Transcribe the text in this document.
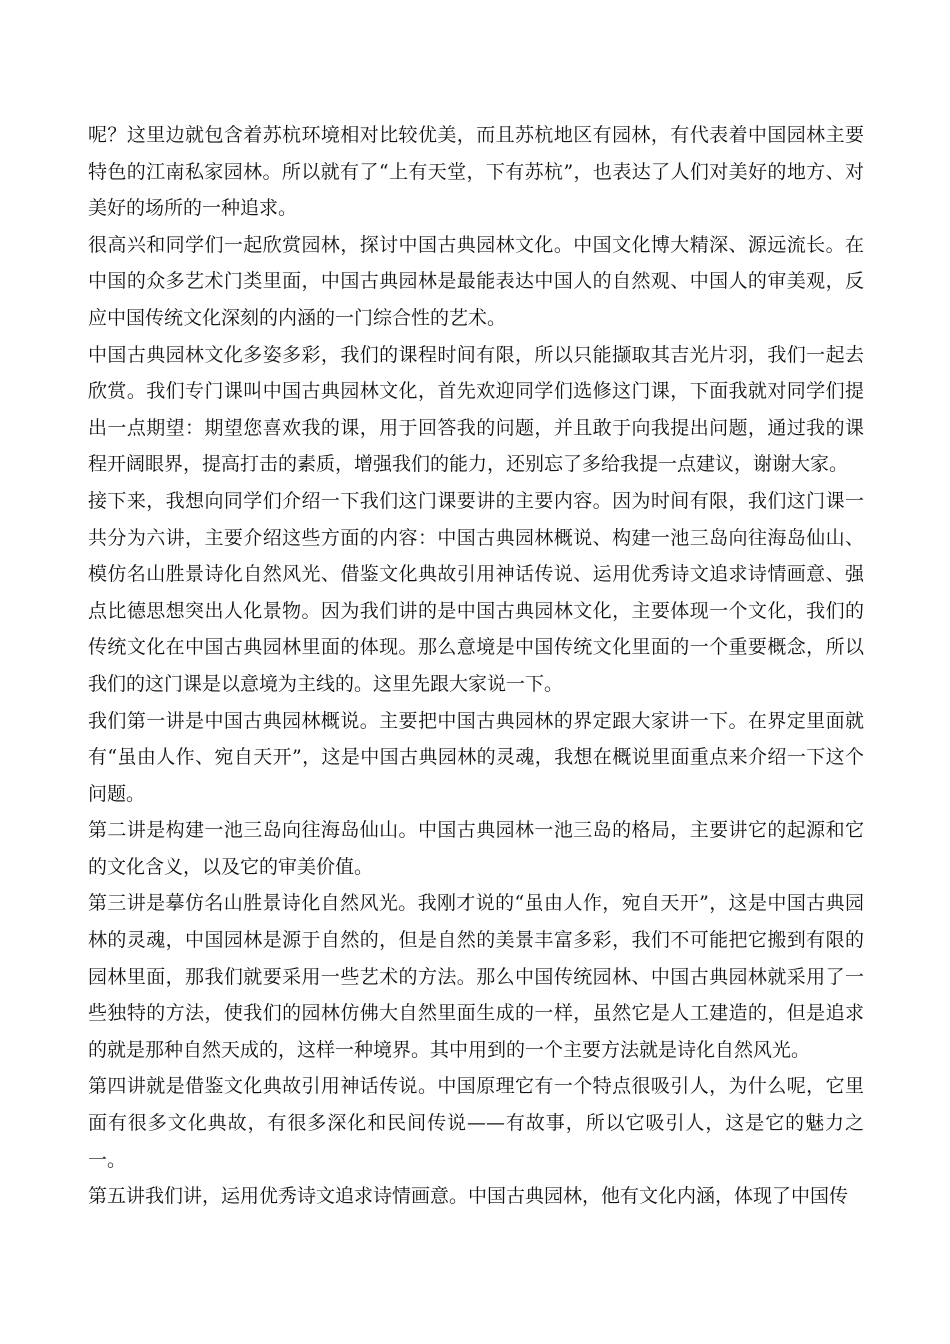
呢？这里边就包含着苏杭环境相对比较优美，而且苏杭地区有园林，有代表着中国园林主要特色的江南私家园林。所以就有了“上有天堂，下有苏杭”，也表达了人们对美好的地方、对美好的场所的一种追求。

很高兴和同学们一起欣赏园林，探讨中国古典园林文化。中国文化博大精深、源远流长。在中国的众多艺术门类里面，中国古典园林是最能表达中国人的自然观、中国人的审美观，反应中国传统文化深刻的内涵的一门综合性的艺术。

中国古典园林文化多姿多彩，我们的课程时间有限，所以只能撷取其吉光片羽，我们一起去欣赏。我们专门课叫中国古典园林文化，首先欢迎同学们选修这门课，下面我就对同学们提出一点期望：期望您喜欢我的课，用于回答我的问题，并且敢于向我提出问题，通过我的课程开阔眼界，提高打击的素质，增强我们的能力，还别忘了多给我提一点建议，谢谢大家。

接下来，我想向同学们介绍一下我们这门课要讲的主要内容。因为时间有限，我们这门课一共分为六讲，主要介绍这些方面的内容：中国古典园林概说、构建一池三岛向往海岛仙山、模仿名山胜景诗化自然风光、借鉴文化典故引用神话传说、运用优秀诗文追求诗情画意、强点比德思想突出人化景物。因为我们讲的是中国古典园林文化，主要体现一个文化，我们的传统文化在中国古典园林里面的体现。那么意境是中国传统文化里面的一个重要概念，所以我们的这门课是以意境为主线的。这里先跟大家说一下。

我们第一讲是中国古典园林概说。主要把中国古典园林的界定跟大家讲一下。在界定里面就有“虽由人作、宛自天开”，这是中国古典园林的灵魂，我想在概说里面重点来介绍一下这个问题。

第二讲是构建一池三岛向往海岛仙山。中国古典园林一池三岛的格局，主要讲它的起源和它的文化含义，以及它的审美价值。

第三讲是摹仿名山胜景诗化自然风光。我刚才说的“虽由人作，宛自天开”，这是中国古典园林的灵魂，中国园林是源于自然的，但是自然的美景丰富多彩，我们不可能把它搬到有限的园林里面，那我们就要采用一些艺术的方法。那么中国传统园林、中国古典园林就采用了一些独特的方法，使我们的园林仿佛大自然里面生成的一样，虽然它是人工建造的，但是追求的就是那种自然天成的，这样一种境界。其中用到的一个主要方法就是诗化自然风光。

第四讲就是借鉴文化典故引用神话传说。中国原理它有一个特点很吸引人，为什么呢，它里面有很多文化典故，有很多深化和民间传说——有故事，所以它吸引人，这是它的魅力之一。

第五讲我们讲，运用优秀诗文追求诗情画意。中国古典园林，他有文化内涵，体现了中国传
